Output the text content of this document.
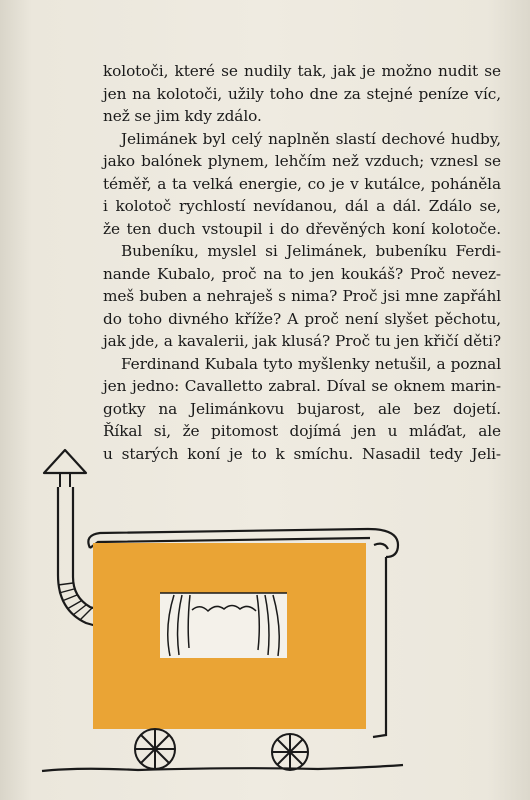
kolotoči, které se nudily tak, jak je možno nudit se
jen na kolotoči, užily toho dne za stejné peníze víc,
než se jim kdy zdálo.

Jelimánek byl celý naplněn slastí dechové hudby,
jako balónek plynem, lehčím než vzduch; vznesl se
téměř, a ta velká energie, co je v kutálce, poháněla
i kolotoč rychlostí nevídanou, dál a dál. Zdálo se,
že ten duch vstoupil i do dřevěných koní kolotoče.

Bubeníku, myslel si Jelimánek, bubeníku Ferdi-
nande Kubalo, proč na to jen koukáš? Proč nevez-
meš buben a nehraješ s nima? Proč jsi mne zapřáhl
do toho divného kříže? A proč není slyšet pěchotu,
jak jde, a kavalerii, jak klusá? Proč tu jen křičí děti?

Ferdinand Kubala tyto myšlenky netušil, a poznal
jen jedno: Cavalletto zabral. Díval se oknem marin-
gotky na Jelimánkovu bujarost, ale bez dojetí.
Říkal si, že pitomost dojímá jen u mláďat, ale
u starých koní je to k smíchu. Nasadil tedy Jeli-
